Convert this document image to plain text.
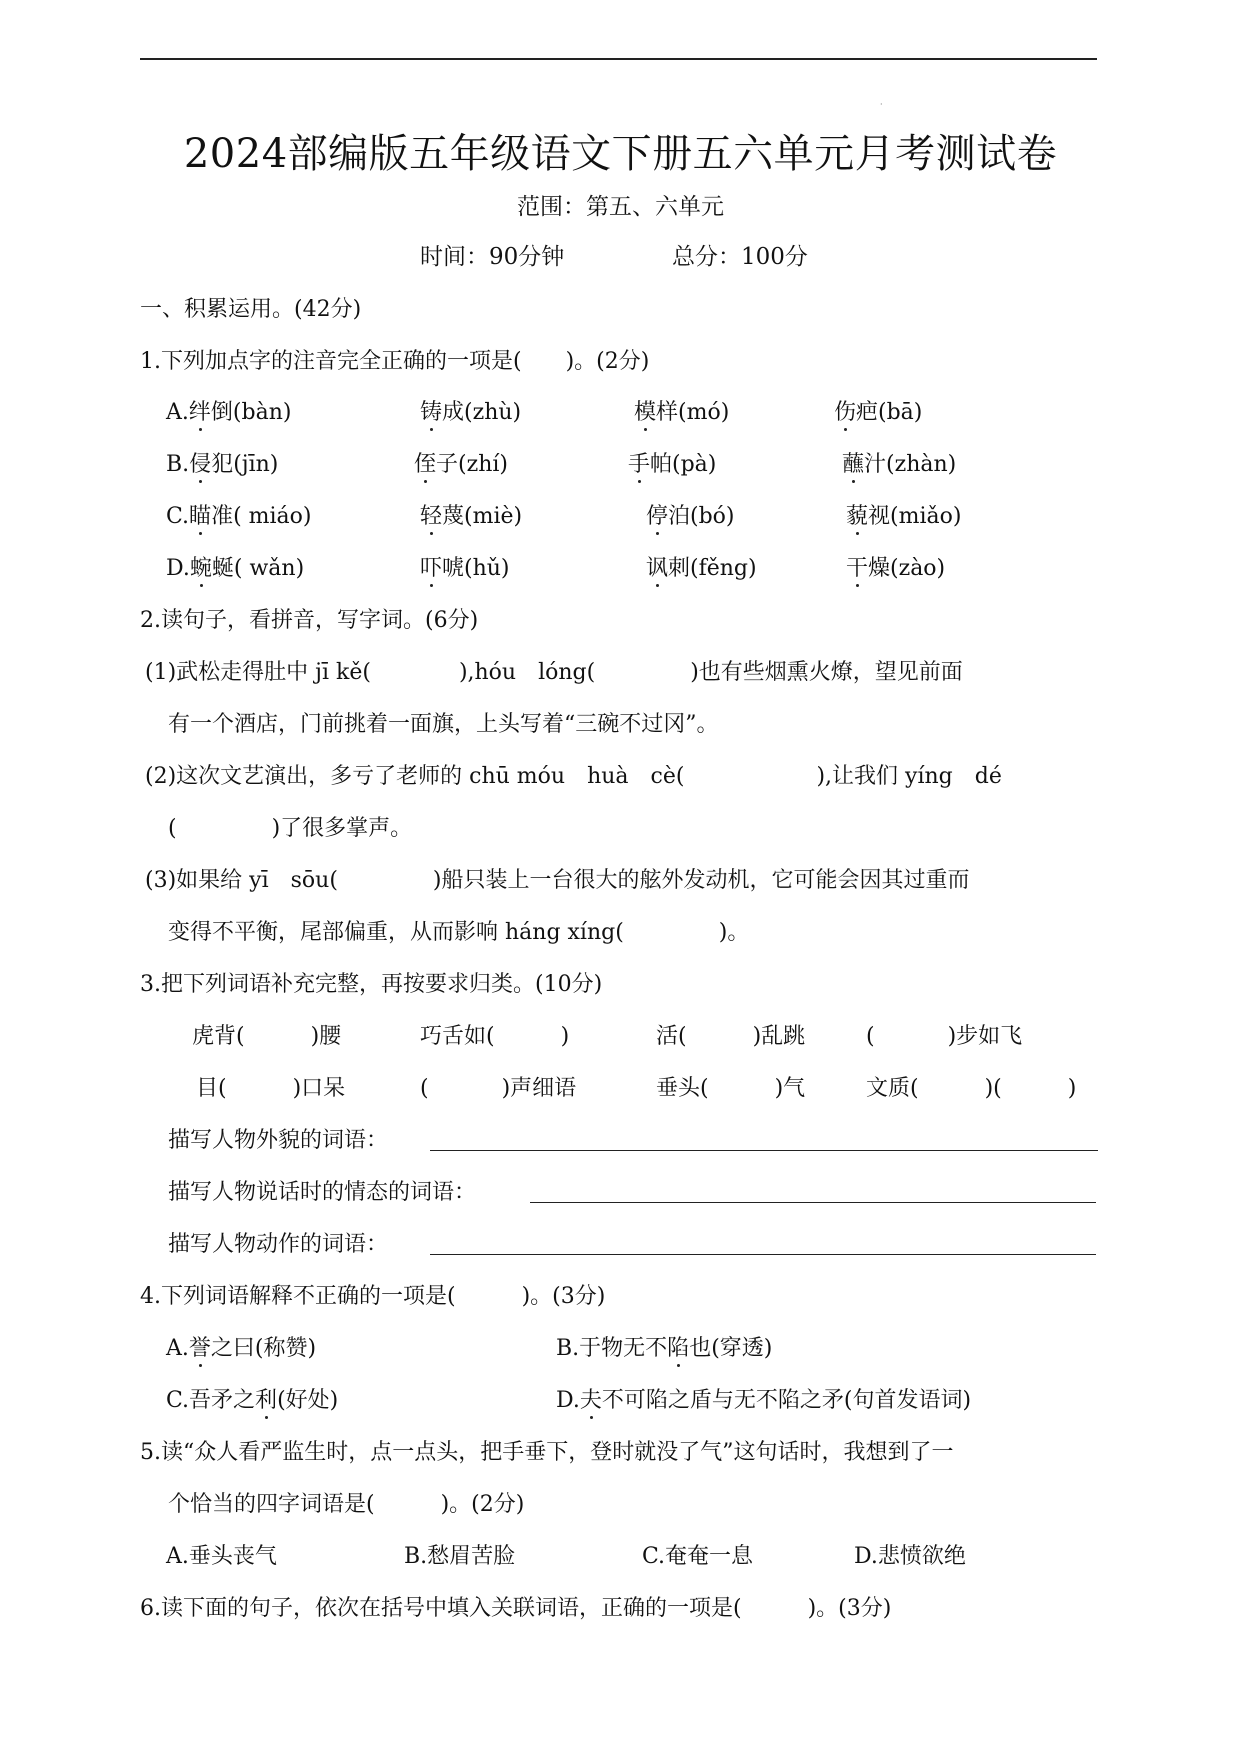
·
2024部编版五年级语文下册五六单元月考测试卷
范围：第五、六单元
时间：90分钟	总分：100分
一、积累运用。(42分)
1.下列加点字的注音完全正确的一项是(　　)。(2分)
A.绊倒(bàn)	铸成(zhù)	模样(mó)	伤疤(bā)
B.侵犯(jīn)	侄子(zhí)	手帕(pà)	蘸汁(zhàn)
C.瞄准( miáo)	轻蔑(miè)	停泊(bó)	藐视(miǎo)
D.蜿蜒( wǎn)	吓唬(hǔ)	讽刺(fěng)	干燥(zào)
2.读句子，看拼音，写字词。(6分)
(1)武松走得肚中 jī kě(　　　　),hóu　lóng(　　　　 )也有些烟熏火燎，望见前面
有一个酒店，门前挑着一面旗，上头写着“三碗不过冈”。
(2)这次文艺演出，多亏了老师的 chū móu　huà　cè(　　　　　　),让我们 yíng　dé
(　　　　 )了很多掌声。
(3)如果给 yī　sōu(　　　　 )船只装上一台很大的舷外发动机，它可能会因其过重而
变得不平衡，尾部偏重，从而影响 háng xíng(　　　　 )。
3.把下列词语补充完整，再按要求归类。(10分)
虎背(　　　)腰	巧舌如(　　　)	活(　　　)乱跳	(　　　 )步如飞
目(　　　)口呆	(　　　 )声细语	垂头(　　　)气	文质(　　　)(　　　)
描写人物外貌的词语：
描写人物说话时的情态的词语：
描写人物动作的词语：
4.下列词语解释不正确的一项是(　　　)。(3分)
A.誉之曰(称赞)	B.于物无不陷也(穿透)
C.吾矛之利(好处)	D.夫不可陷之盾与无不陷之矛(句首发语词)
5.读“众人看严监生时，点一点头，把手垂下，登时就没了气”这句话时，我想到了一
个恰当的四字词语是(　　　)。(2分)
A.垂头丧气	B.愁眉苦脸	C.奄奄一息	D.悲愤欲绝
6.读下面的句子，依次在括号中填入关联词语，正确的一项是(　　　)。(3分)
